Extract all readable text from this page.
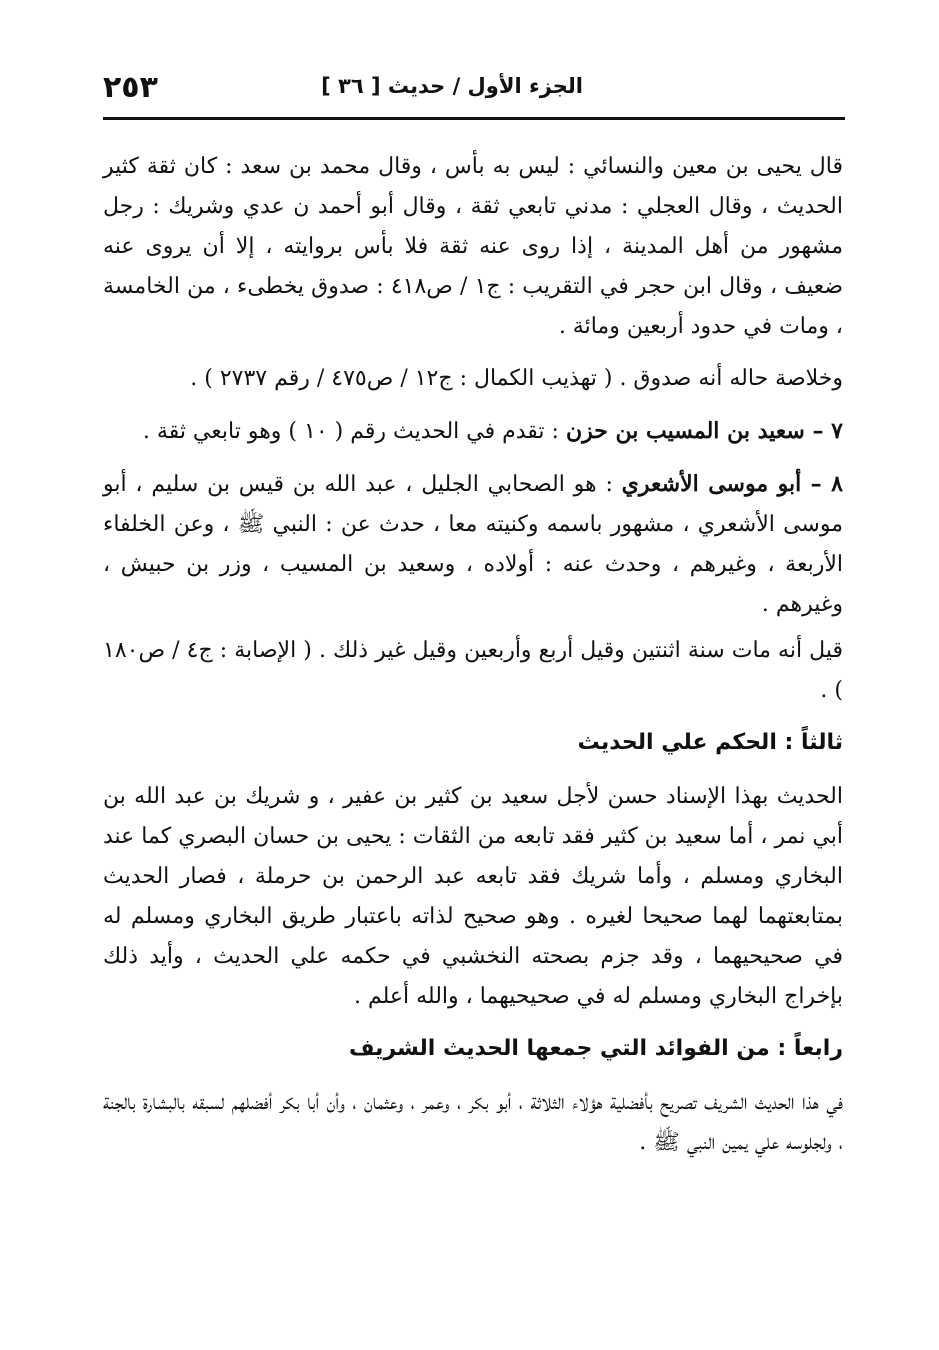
الجزء الأول / حديث [ ٣٦ ]
٢٥٣

قال يحيى بن معين والنسائي : ليس به بأس ، وقال محمد بن سعد : كان ثقة كثير الحديث ، وقال العجلي : مدني تابعي ثقة ، وقال أبو أحمد ن عدي وشريك : رجل مشهور من أهل المدينة ، إذا روى عنه ثقة فلا بأس بروايته ، إلا أن يروى عنه ضعيف ، وقال ابن حجر في التقريب : ج١ / ص٤١٨ : صدوق يخطىء ، من الخامسة ، ومات في حدود أربعين ومائة .

وخلاصة حاله أنه صدوق . ( تهذيب الكمال : ج١٢ / ص٤٧٥ / رقم ٢٧٣٧ ) .

٧ – سعيد بن المسيب بن حزن : تقدم في الحديث رقم ( ١٠ ) وهو تابعي ثقة .

٨ – أبو موسى الأشعري : هو الصحابي الجليل ، عبد الله بن قيس بن سليم ، أبو موسى الأشعري ، مشهور باسمه وكنيته معا ، حدث عن : النبي ﷺ ، وعن الخلفاء الأربعة ، وغيرهم ، وحدث عنه : أولاده ، وسعيد بن المسيب ، وزر بن حبيش ، وغيرهم .

قيل أنه مات سنة اثنتين وقيل أربع وأربعين وقيل غير ذلك . ( الإصابة : ج٤ / ص١٨٠ ) .

ثالثاً : الحكم علي الحديث

الحديث بهذا الإسناد حسن لأجل سعيد بن كثير بن عفير ، و شريك بن عبد الله بن أبي نمر ، أما سعيد بن كثير فقد تابعه من الثقات : يحيى بن حسان البصري كما عند البخاري ومسلم ، وأما شريك فقد تابعه عبد الرحمن بن حرملة ، فصار الحديث بمتابعتهما لهما صحيحا لغيره . وهو صحيح لذاته باعتبار طريق البخاري ومسلم له في صحيحيهما ، وقد جزم بصحته النخشبي في حكمه علي الحديث ، وأيد ذلك بإخراج البخاري ومسلم له في صحيحيهما ، والله أعلم .

رابعاً : من الفوائد التي جمعها الحديث الشريف

في هذا الحديث الشريف تصريح بأفضلية هؤلاء الثلاثة ، أبو بكر ، وعمر ، وعثمان ، وأن أبا بكر أفضلهم لسبقه بالبشارة بالجنة ، ولجلوسه علي يمين النبي ﷺ .
